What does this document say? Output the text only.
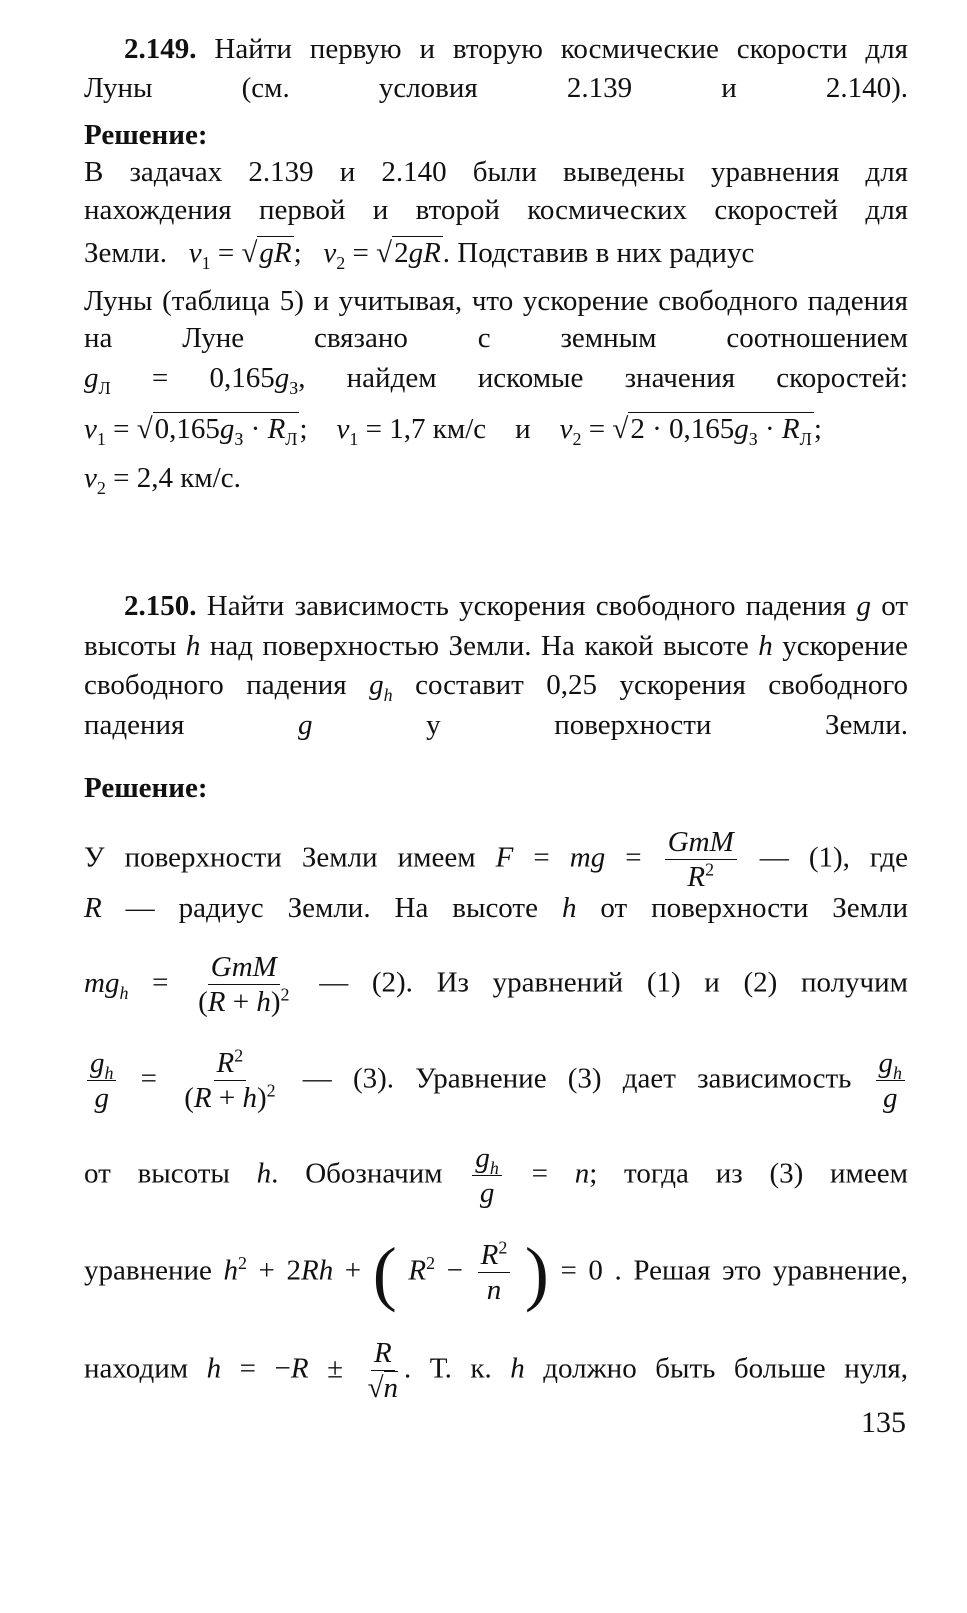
2.149. Найти первую и вторую космические скорости для Луны (см. условия 2.139 и 2.140).

Решение:

В задачах 2.139 и 2.140 были выведены уравнения для нахождения первой и второй космических скоростей для

Земли. $v_1 = √gR$;   $v_2 = √2gR$. Подставив в них радиус

Луны (таблица 5) и учитывая, что ускорение свободного падения на Луне связано с земным соотношением

$g_Л = 0,165g_З$, найдем искомые значения скоростей:
$v_1 = √0,165g_З \cdot R_Л$;    $v_1 = 1,7$ км/с и $v_2 = √2 \cdot 0,165g_З \cdot R_Л$;
$v_2 = 2,4$ км/с.

2.150. Найти зависимость ускорения свободного падения g от высоты h над поверхностью Земли. На какой высоте h ускорение свободного падения $g_h$ составит 0,25 ускорения свободного падения	g	у поверхности Земли.

Решение:

У поверхности Земли имеем F = mg = $\frac{\text{GmM}}{R^2}$ — (1), где
R — радиус Земли. На высоте h от поверхности Земли
$mg_h = \frac{\text{GmM}}{(R + h)^2}$ — (2). Из уравнений (1) и (2) получим
$\frac{g_h}{g} = \frac{R^2}{(R + h)^2}$ — (3). Уравнение (3) дает зависимость $\frac{g_h}{g}$
от высоты h. Обозначим $\frac{g_h}{g} = n$; тогда из (3) имеем
уравнение $h^2 + 2Rh$ + ( $R^2 - \frac{R^2}{n}$ ) = 0 . Решая это уравнение,
находим $h = -R \pm \frac{R}{√n}$ . Т. к. h должно быть больше нуля,
135
